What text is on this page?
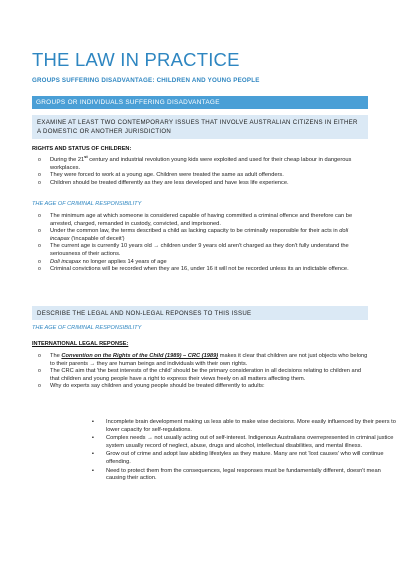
THE LAW IN PRACTICE
GROUPS SUFFERING DISADVANTAGE: CHILDREN AND YOUNG PEOPLE
GROUPS OR INDIVIDUALS SUFFERING DISADVANTAGE
EXAMINE AT LEAST TWO CONTEMPORARY ISSUES THAT INVOLVE AUSTRALIAN CITIZENS IN EITHER A DOMESTIC OR ANOTHER JURISDICTION
RIGHTS AND STATUS OF CHILDREN:
o During the 21st century and industrial revolution young kids were exploited and used for their cheap labour in dangerous workplaces.
o They were forced to work at a young age. Children were treated the same as adult offenders.
o Children should be treated differently as they are less developed and have less life experience.
THE AGE OF CRIMINAL RESPONSIBILITY
o The minimum age at which someone is considered capable of having committed a criminal offence and therefore can be arrested, charged, remanded in custody, convicted, and imprisoned.
o Under the common law, the terms described a child as lacking capacity to be criminally responsible for their acts in doli incapax ('incapable of deceit')
o The current age is currently 10 years old → children under 9 years old aren't charged as they don't fully understand the seriousness of their actions.
o Doli incapax no longer applies 14 years of age
o Criminal convictions will be recorded when they are 16, under 16 it will not be recorded unless its an indictable offence.
DESCRIBE THE LEGAL AND NON-LEGAL REPONSES TO THIS ISSUE
THE AGE OF CRIMINAL RESPONSIBILITY
INTERNATIONAL LEGAL REPONSE:
o The Convention on the Rights of the Child (1989) – CRC (1989) makes it clear that children are not just objects who belong to their parents → they are human beings and individuals with their own rights.
o The CRC aim that 'the best interests of the child' should be the primary consideration in all decisions relating to children and that children and young people have a right to express their views freely on all matters affecting them.
o Why do experts say children and young people should be treated differently to adults:
▪ Incomplete brain development making us less able to make wise decisions. More easily influenced by their peers to lower capacity for self-regulations.
▪ Complex needs → not usually acting out of self-interest. Indigenous Australians overrepresented in criminal justice system usually record of neglect, abuse, drugs and alcohol, intellectual disabilities, and mental illness.
▪ Grow out of crime and adopt law abiding lifestyles as they mature. Many are not 'lost causes' who will continue offending.
▪ Need to protect them from the consequences, legal responses must be fundamentally different, doesn't mean causing their action.
